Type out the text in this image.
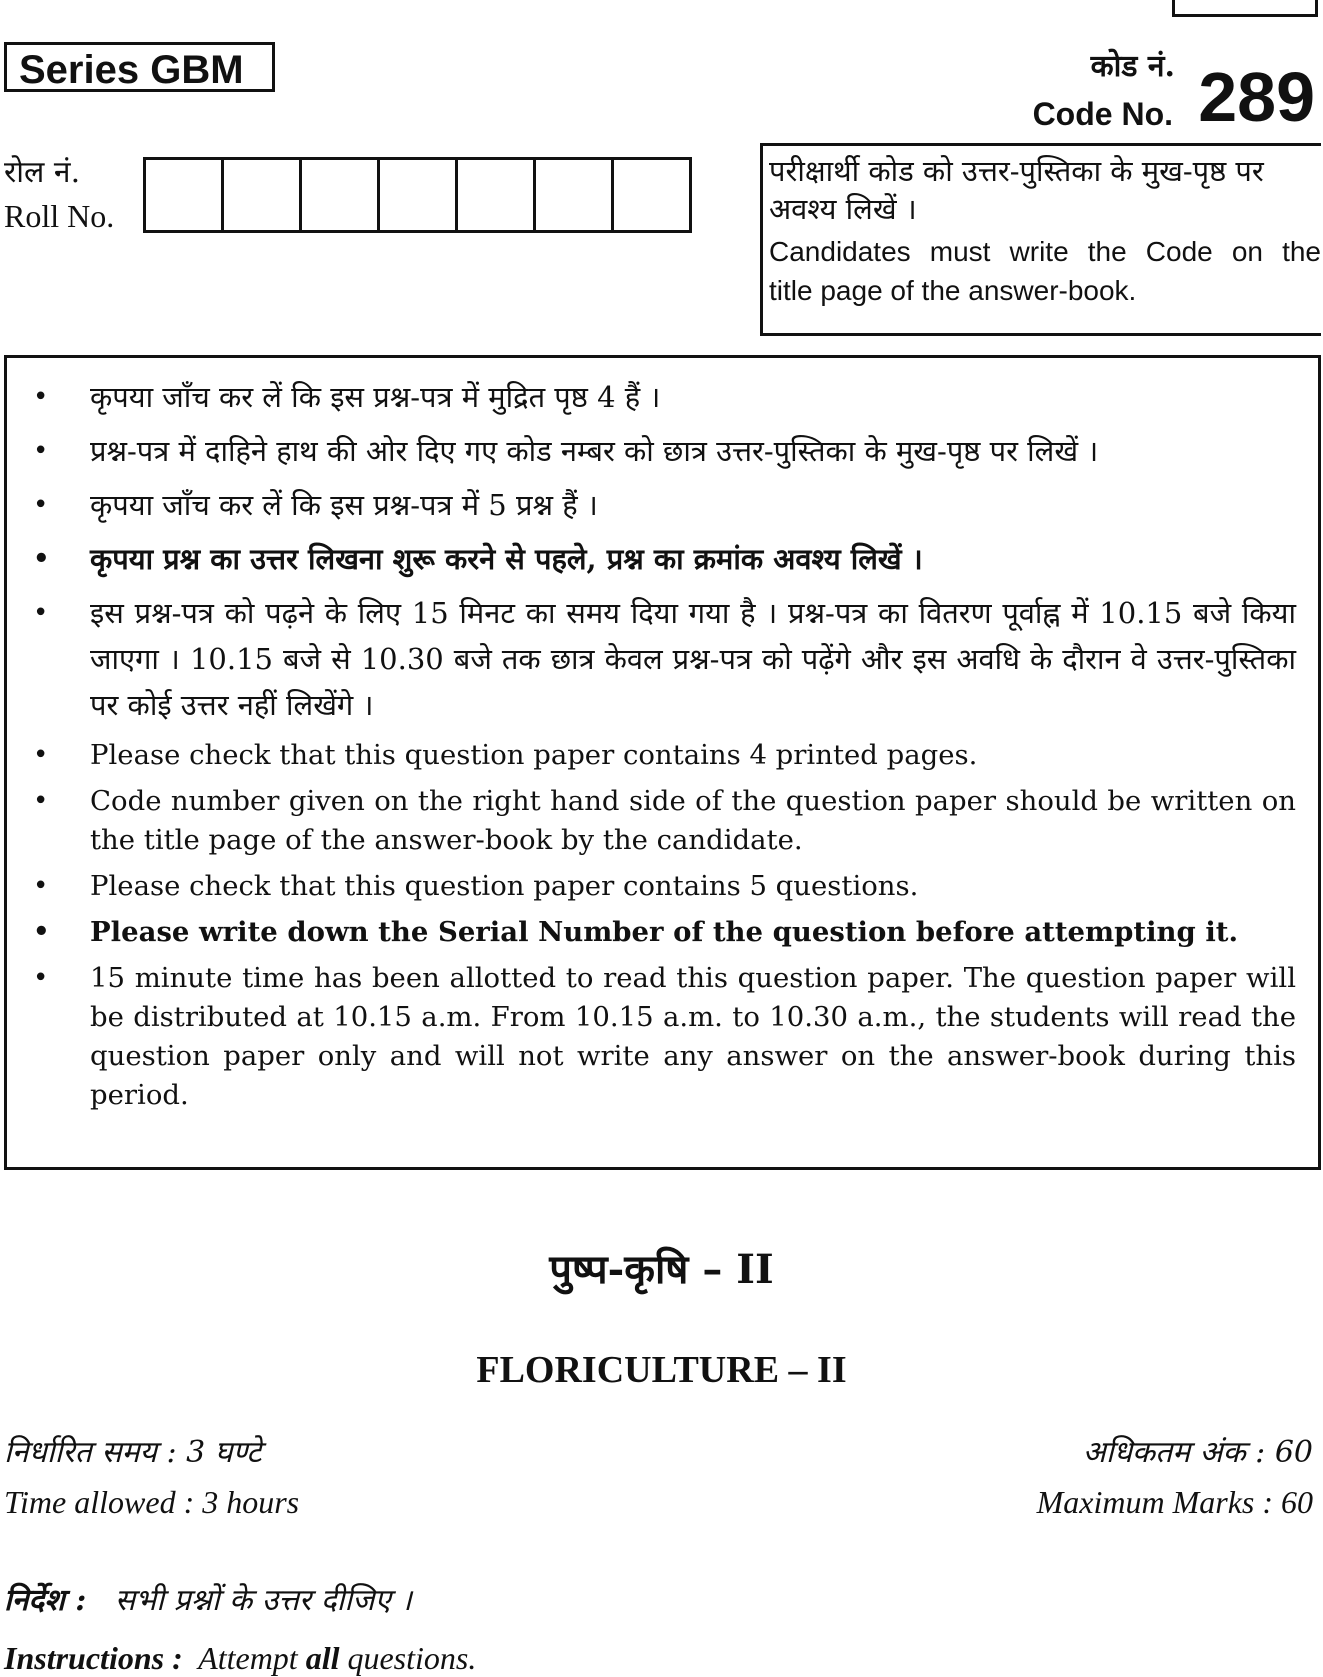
Series GBM	कोड नं.
Code No. 289
रोल नं.
Roll No.
परीक्षार्थी कोड को उत्तर-पुस्तिका के मुख-पृष्ठ पर अवश्य लिखें ।
Candidates must write the Code on the
title page of the answer-book.
• कृपया जाँच कर लें कि इस प्रश्न-पत्र में मुद्रित पृष्ठ 4 हैं ।
• प्रश्न-पत्र में दाहिने हाथ की ओर दिए गए कोड नम्बर को छात्र उत्तर-पुस्तिका के मुख-पृष्ठ पर लिखें ।
• कृपया जाँच कर लें कि इस प्रश्न-पत्र में 5 प्रश्न हैं ।
• कृपया प्रश्न का उत्तर लिखना शुरू करने से पहले, प्रश्न का क्रमांक अवश्य लिखें ।
• इस प्रश्न-पत्र को पढ़ने के लिए 15 मिनट का समय दिया गया है । प्रश्न-पत्र का वितरण पूर्वाह्न में 10.15 बजे किया जाएगा । 10.15 बजे से 10.30 बजे तक छात्र केवल प्रश्न-पत्र को पढ़ेंगे और इस अवधि के दौरान वे उत्तर-पुस्तिका पर कोई उत्तर नहीं लिखेंगे ।
• Please check that this question paper contains 4 printed pages.
• Code number given on the right hand side of the question paper should be written on the title page of the answer-book by the candidate.
• Please check that this question paper contains 5 questions.
• Please write down the Serial Number of the question before attempting it.
• 15 minute time has been allotted to read this question paper. The question paper will be distributed at 10.15 a.m. From 10.15 a.m. to 10.30 a.m., the students will read the question paper only and will not write any answer on the answer-book during this period.
पुष्प-कृषि – II
FLORICULTURE – II
निर्धारित समय : 3 घण्टे
Time allowed : 3 hours
अधिकतम अंक : 60
Maximum Marks : 60
निर्देश : सभी प्रश्नों के उत्तर दीजिए ।
Instructions : Attempt all questions.
